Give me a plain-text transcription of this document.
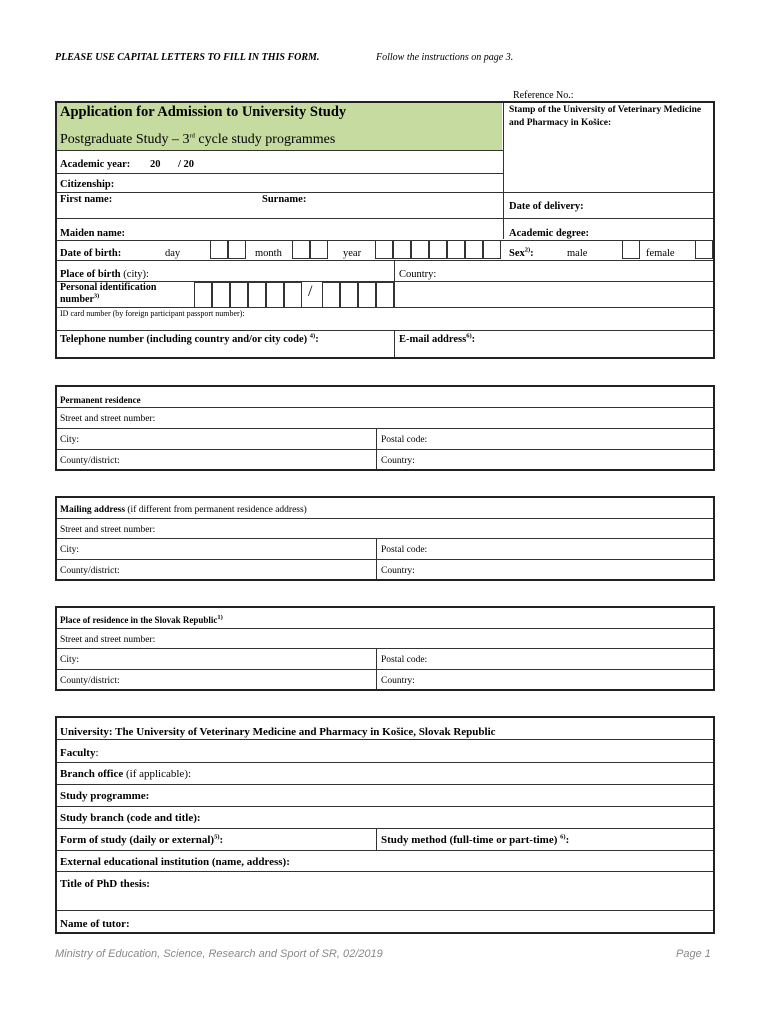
PLEASE USE CAPITAL LETTERS TO FILL IN THIS FORM.	Follow the instructions on page 3.
Reference No.:
Application for Admission to University Study
Postgraduate Study – 3rd cycle study programmes
Stamp of the University of Veterinary Medicine and Pharmacy in Košice:
Academic year: 20 / 20
Citizenship:
First name:	Surname:
Date of delivery:
Maiden name:	Academic degree:
Date of birth:	day	month	year	Sex$^{2)}$:	male	female
Place of birth (city):	Country:
Personal identification
number$^{3)}$	/
ID card number (by foreign participant passport number):
Telephone number (including country and/or city code) $^{4)}$:	E-mail address$^{6)}$:
Permanent residence
Street and street number:
City:	Postal code:
County/district:	Country:
Mailing address (if different from permanent residence address)
Street and street number:
City:	Postal code:
County/district:	Country:
Place of residence in the Slovak Republic$^{1)}$
Street and street number:
City:	Postal code:
County/district:	Country:
University: The University of Veterinary Medicine and Pharmacy in Košice, Slovak Republic
Faculty:
Branch office (if applicable):
Study programme:
Study branch (code and title):
Form of study (daily or external)$^{5)}$:	Study method (full-time or part-time) $^{6)}$:
External educational institution (name, address):
Title of PhD thesis:
Name of tutor:
Ministry of Education, Science, Research and Sport of SR, 02/2019	Page 1
